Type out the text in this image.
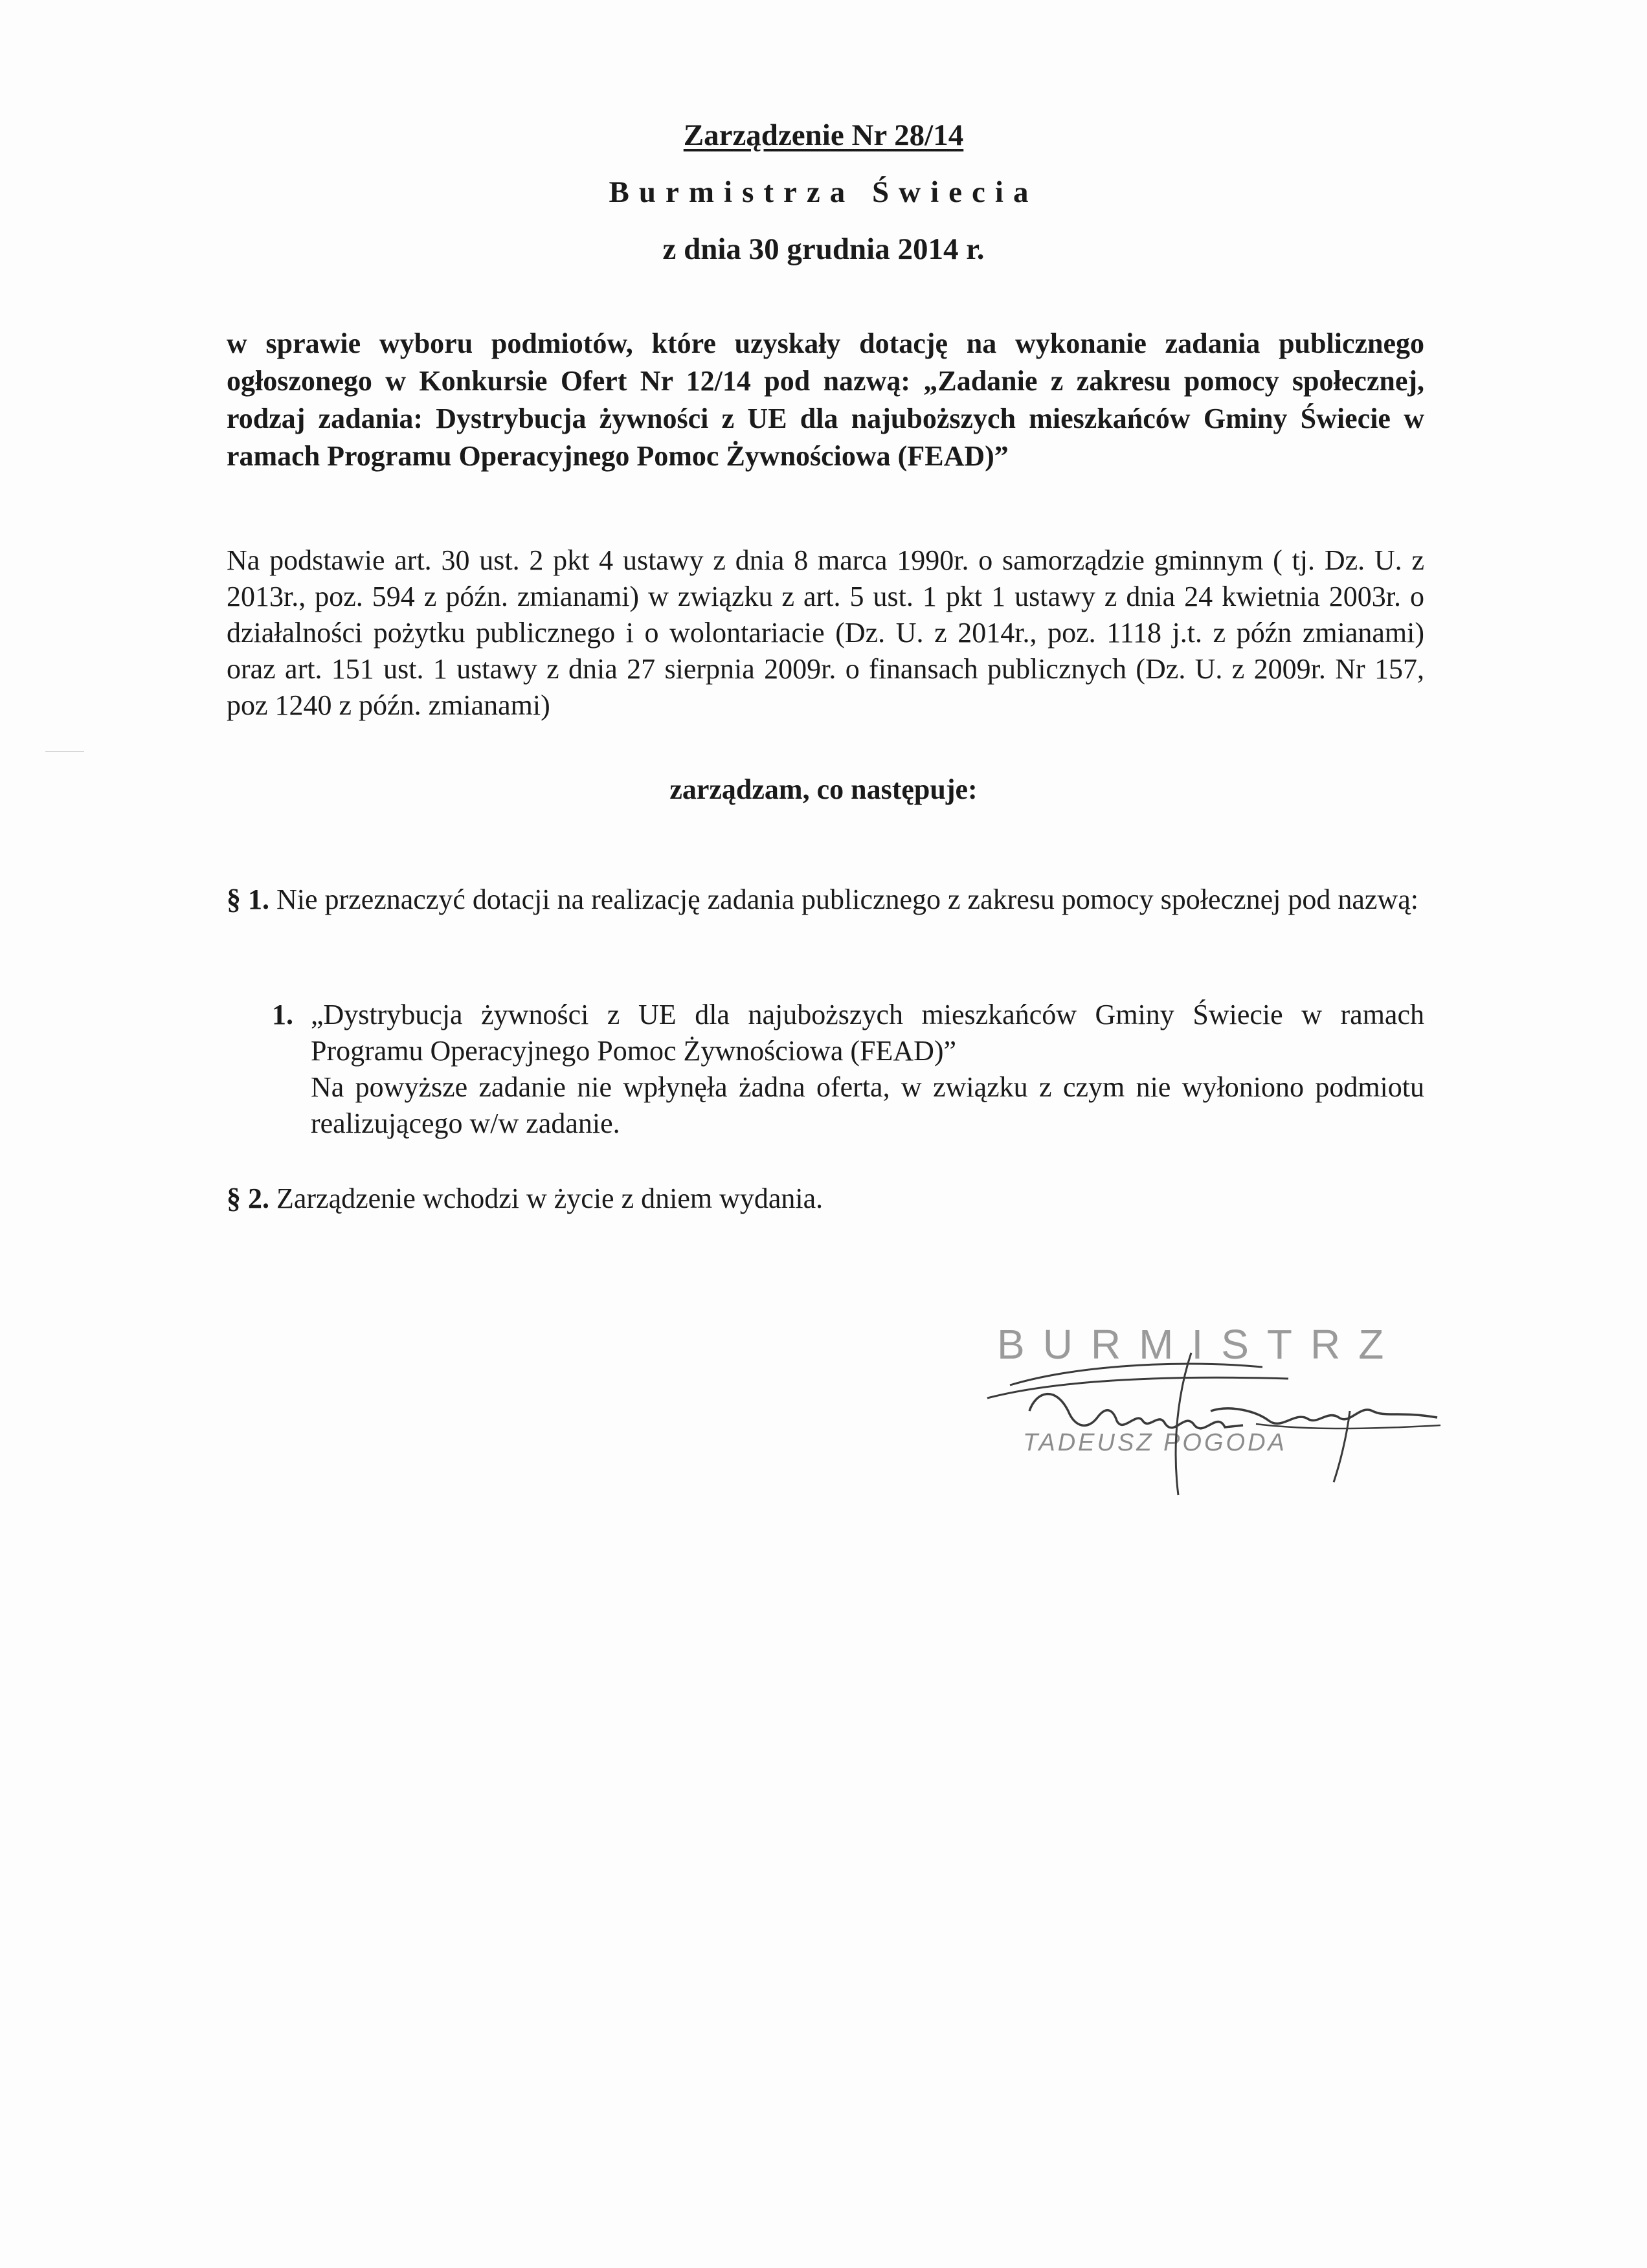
Zarządzenie Nr 28/14
Burmistrza Świecia
z dnia 30 grudnia 2014 r.
w sprawie wyboru podmiotów, które uzyskały dotację na wykonanie zadania publicznego ogłoszonego w Konkursie Ofert Nr 12/14 pod nazwą: „Zadanie z zakresu pomocy społecznej, rodzaj zadania: Dystrybucja żywności z UE dla najuboższych mieszkańców Gminy Świecie w ramach Programu Operacyjnego Pomoc Żywnościowa (FEAD)”
Na podstawie art. 30 ust. 2 pkt 4 ustawy z dnia 8 marca 1990r. o samorządzie gminnym ( tj. Dz. U. z 2013r., poz. 594 z późn. zmianami) w związku z art. 5 ust. 1 pkt 1 ustawy z dnia 24 kwietnia 2003r. o działalności pożytku publicznego i o wolontariacie (Dz. U. z 2014r., poz. 1118 j.t. z późn zmianami) oraz art. 151 ust. 1 ustawy z dnia 27 sierpnia 2009r. o finansach publicznych (Dz. U. z 2009r. Nr 157, poz 1240 z późn. zmianami)
zarządzam, co następuje:
§ 1. Nie przeznaczyć dotacji na realizację zadania publicznego z zakresu pomocy społecznej pod nazwą:
1. „Dystrybucja żywności z UE dla najuboższych mieszkańców Gminy Świecie w ramach Programu Operacyjnego Pomoc Żywnościowa (FEAD)”
Na powyższe zadanie nie wpłynęła żadna oferta, w związku z czym nie wyłoniono podmiotu realizującego w/w zadanie.
§ 2. Zarządzenie wchodzi w życie z dniem wydania.
BURMISTRZ
TADEUSZ POGODA
